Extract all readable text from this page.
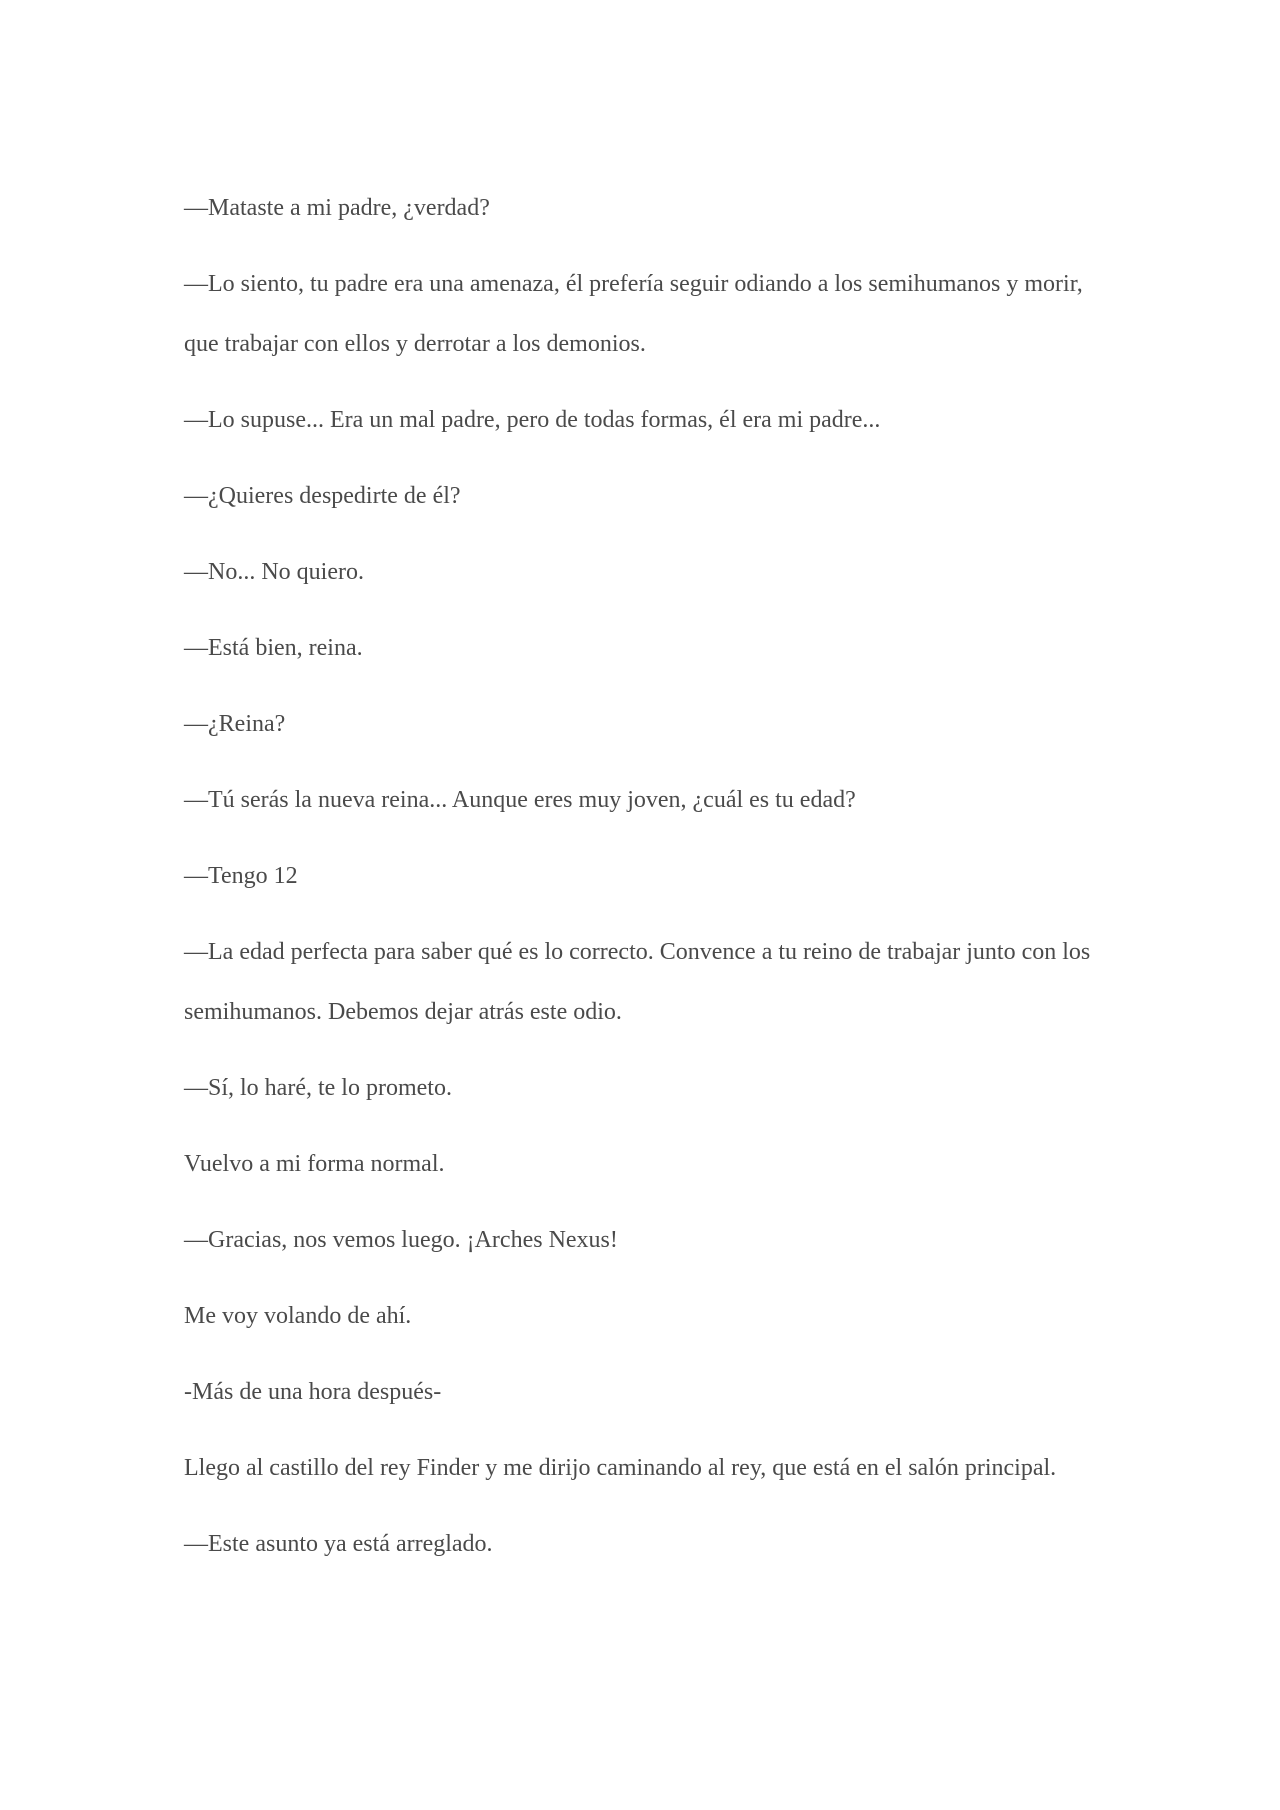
—Mataste a mi padre, ¿verdad?

—Lo siento, tu padre era una amenaza, él prefería seguir odiando a los semihumanos y morir, que trabajar con ellos y derrotar a los demonios.

—Lo supuse... Era un mal padre, pero de todas formas, él era mi padre...

—¿Quieres despedirte de él?

—No... No quiero.

—Está bien, reina.

—¿Reina?

—Tú serás la nueva reina... Aunque eres muy joven, ¿cuál es tu edad?

—Tengo 12

—La edad perfecta para saber qué es lo correcto. Convence a tu reino de trabajar junto con los semihumanos. Debemos dejar atrás este odio.

—Sí, lo haré, te lo prometo.

Vuelvo a mi forma normal.

—Gracias, nos vemos luego. ¡Arches Nexus!

Me voy volando de ahí.

-Más de una hora después-

Llego al castillo del rey Finder y me dirijo caminando al rey, que está en el salón principal.

—Este asunto ya está arreglado.
